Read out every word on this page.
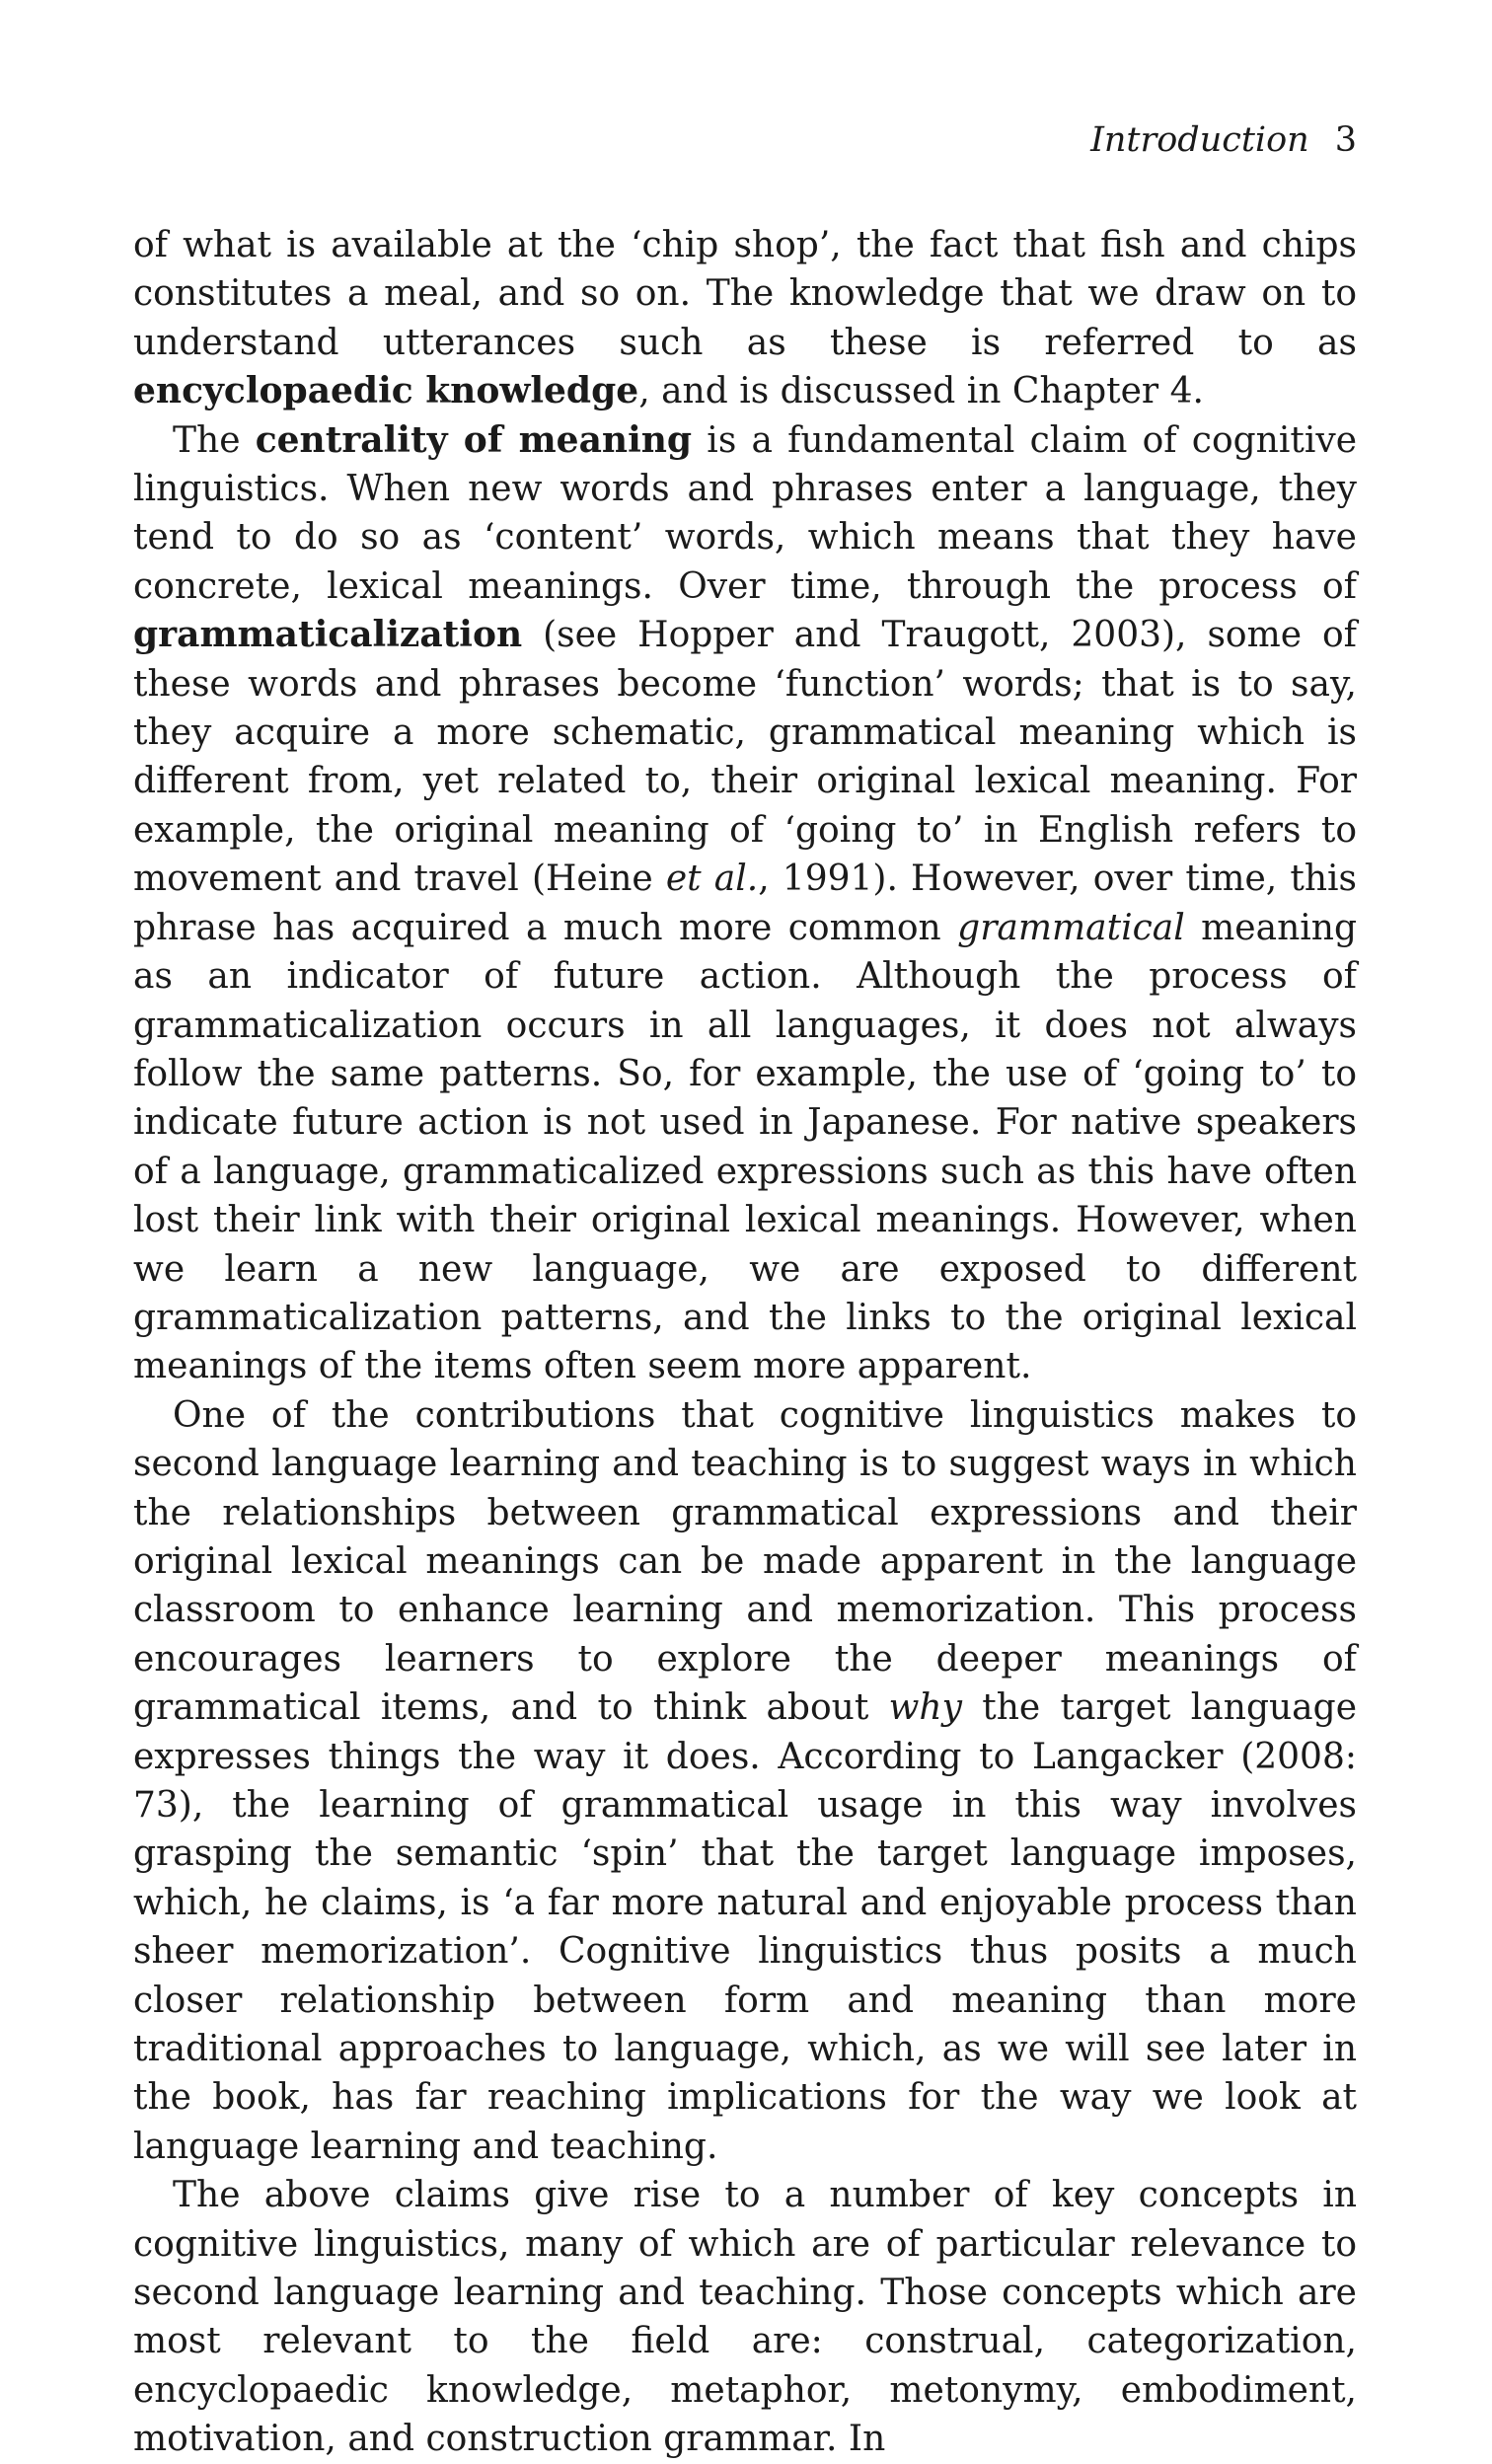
Introduction 3

of what is available at the ‘chip shop’, the fact that fish and chips constitutes a meal, and so on. The knowledge that we draw on to understand utterances such as these is referred to as encyclopaedic knowledge, and is discussed in Chapter 4.

The centrality of meaning is a fundamental claim of cognitive linguistics. When new words and phrases enter a language, they tend to do so as ‘content’ words, which means that they have concrete, lexical meanings. Over time, through the process of grammaticalization (see Hopper and Traugott, 2003), some of these words and phrases become ‘function’ words; that is to say, they acquire a more schematic, grammatical meaning which is different from, yet related to, their original lexical meaning. For example, the original meaning of ‘going to’ in English refers to movement and travel (Heine et al., 1991). However, over time, this phrase has acquired a much more common grammatical meaning as an indicator of future action. Although the process of grammaticalization occurs in all languages, it does not always follow the same patterns. So, for example, the use of ‘going to’ to indicate future action is not used in Japanese. For native speakers of a language, grammaticalized expressions such as this have often lost their link with their original lexical meanings. However, when we learn a new language, we are exposed to different grammaticalization patterns, and the links to the original lexical meanings of the items often seem more apparent.

One of the contributions that cognitive linguistics makes to second language learning and teaching is to suggest ways in which the relationships between grammatical expressions and their original lexical meanings can be made apparent in the language classroom to enhance learning and memorization. This process encourages learners to explore the deeper meanings of grammatical items, and to think about why the target language expresses things the way it does. According to Langacker (2008: 73), the learning of grammatical usage in this way involves grasping the semantic ‘spin’ that the target language imposes, which, he claims, is ‘a far more natural and enjoyable process than sheer memorization’. Cognitive linguistics thus posits a much closer relationship between form and meaning than more traditional approaches to language, which, as we will see later in the book, has far reaching implications for the way we look at language learning and teaching.

The above claims give rise to a number of key concepts in cognitive linguistics, many of which are of particular relevance to second language learning and teaching. Those concepts which are most relevant to the field are: construal, categorization, encyclopaedic knowledge, metaphor, metonymy, embodiment, motivation, and construction grammar. In
